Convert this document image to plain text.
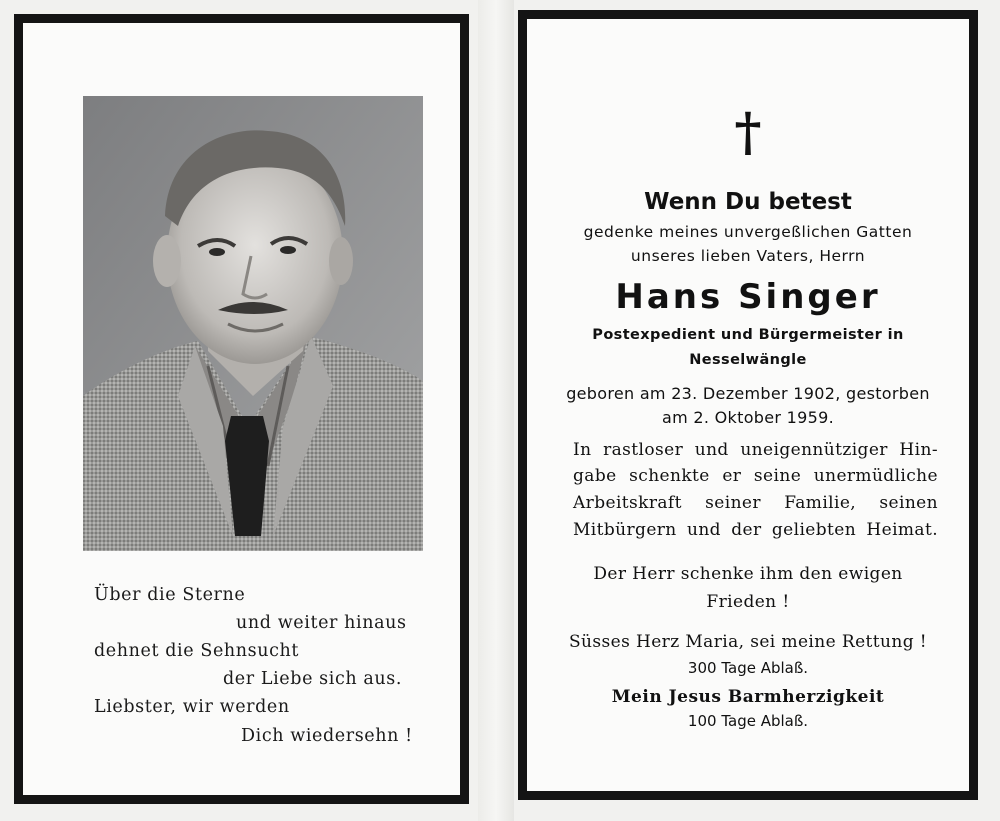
Über die Sterne
und weiter hinaus
dehnet die Sehnsucht
der Liebe sich aus.
Liebster, wir werden
Dich wiedersehn !
†
Wenn Du betest
gedenke meines unvergeßlichen Gatten
unseres lieben Vaters, Herrn
Hans Singer
Postexpedient und Bürgermeister in
Nesselwängle
geboren am 23. Dezember 1902, gestorben
am 2. Oktober 1959.
In rastloser und uneigennütziger Hin-
gabe schenkte er seine unermüdliche
Arbeitskraft seiner Familie, seinen
Mitbürgern und der geliebten Heimat.
Der Herr schenke ihm den ewigen
Frieden !
Süsses Herz Maria, sei meine Rettung !
300 Tage Ablaß.
Mein Jesus Barmherzigkeit
100 Tage Ablaß.
